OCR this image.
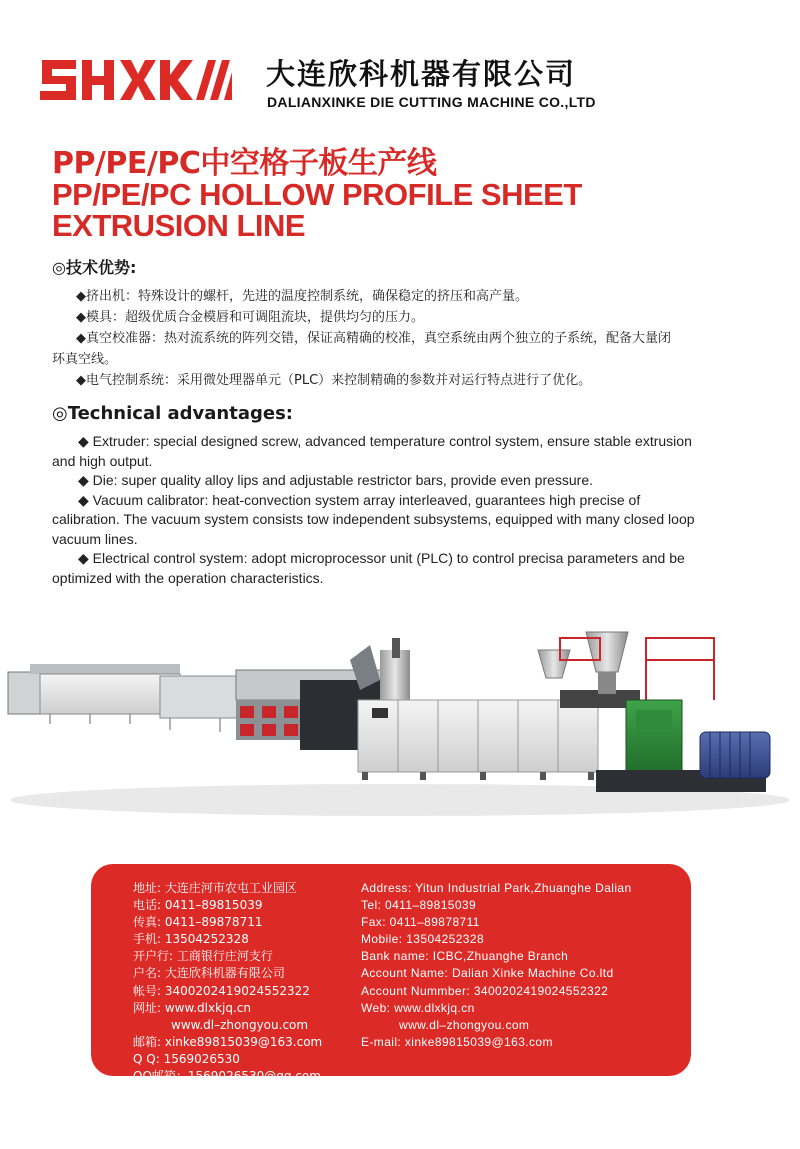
大连欣科机器有限公司
DALIANXINKE DIE CUTTING MACHINE CO.,LTD
PP/PE/PC中空格子板生产线
PP/PE/PC HOLLOW PROFILE SHEET
EXTRUSION LINE
◎技术优势:
◆挤出机：特殊设计的螺杆，先进的温度控制系统，确保稳定的挤压和高产量。
◆模具：超级优质合金模唇和可调阻流块，提供均匀的压力。
◆真空校准器：热对流系统的阵列交错，保证高精确的校准，真空系统由两个独立的子系统，配备大量闭
环真空线。
◆电气控制系统：采用微处理器单元（PLC）来控制精确的参数并对运行特点进行了优化。
◎Technical advantages:
◆ Extruder: special designed screw, advanced temperature control system, ensure stable extrusion
and high output.
◆ Die: super quality alloy lips and adjustable restrictor bars, provide even pressure.
◆ Vacuum calibrator: heat-convection system array interleaved, guarantees high precise of
calibration. The vacuum system consists tow independent subsystems, equipped with many closed loop
vacuum lines.
◆ Electrical control system: adopt microprocessor unit (PLC) to control precisa parameters and be
optimized with the operation characteristics.
地址: 大连庄河市农屯工业园区
电话: 0411–89815039
传真: 0411–89878711
手机: 13504252328
开户行: 工商银行庄河支行
户名: 大连欣科机器有限公司
帐号: 3400202419024552322
网址: www.dlxkjq.cn
www.dl–zhongyou.com
邮箱: xinke89815039@163.com
Q Q: 1569026530
QQ邮箱：1569026530@qq.com
Address: Yitun Industrial Park,Zhuanghe Dalian
Tel: 0411–89815039
Fax: 0411–89878711
Mobile: 13504252328
Bank name: ICBC,Zhuanghe Branch
Account Name: Dalian Xinke Machine Co.ltd
Account Nummber: 3400202419024552322
Web: www.dlxkjq.cn
www.dl–zhongyou.com
E-mail: xinke89815039@163.com
